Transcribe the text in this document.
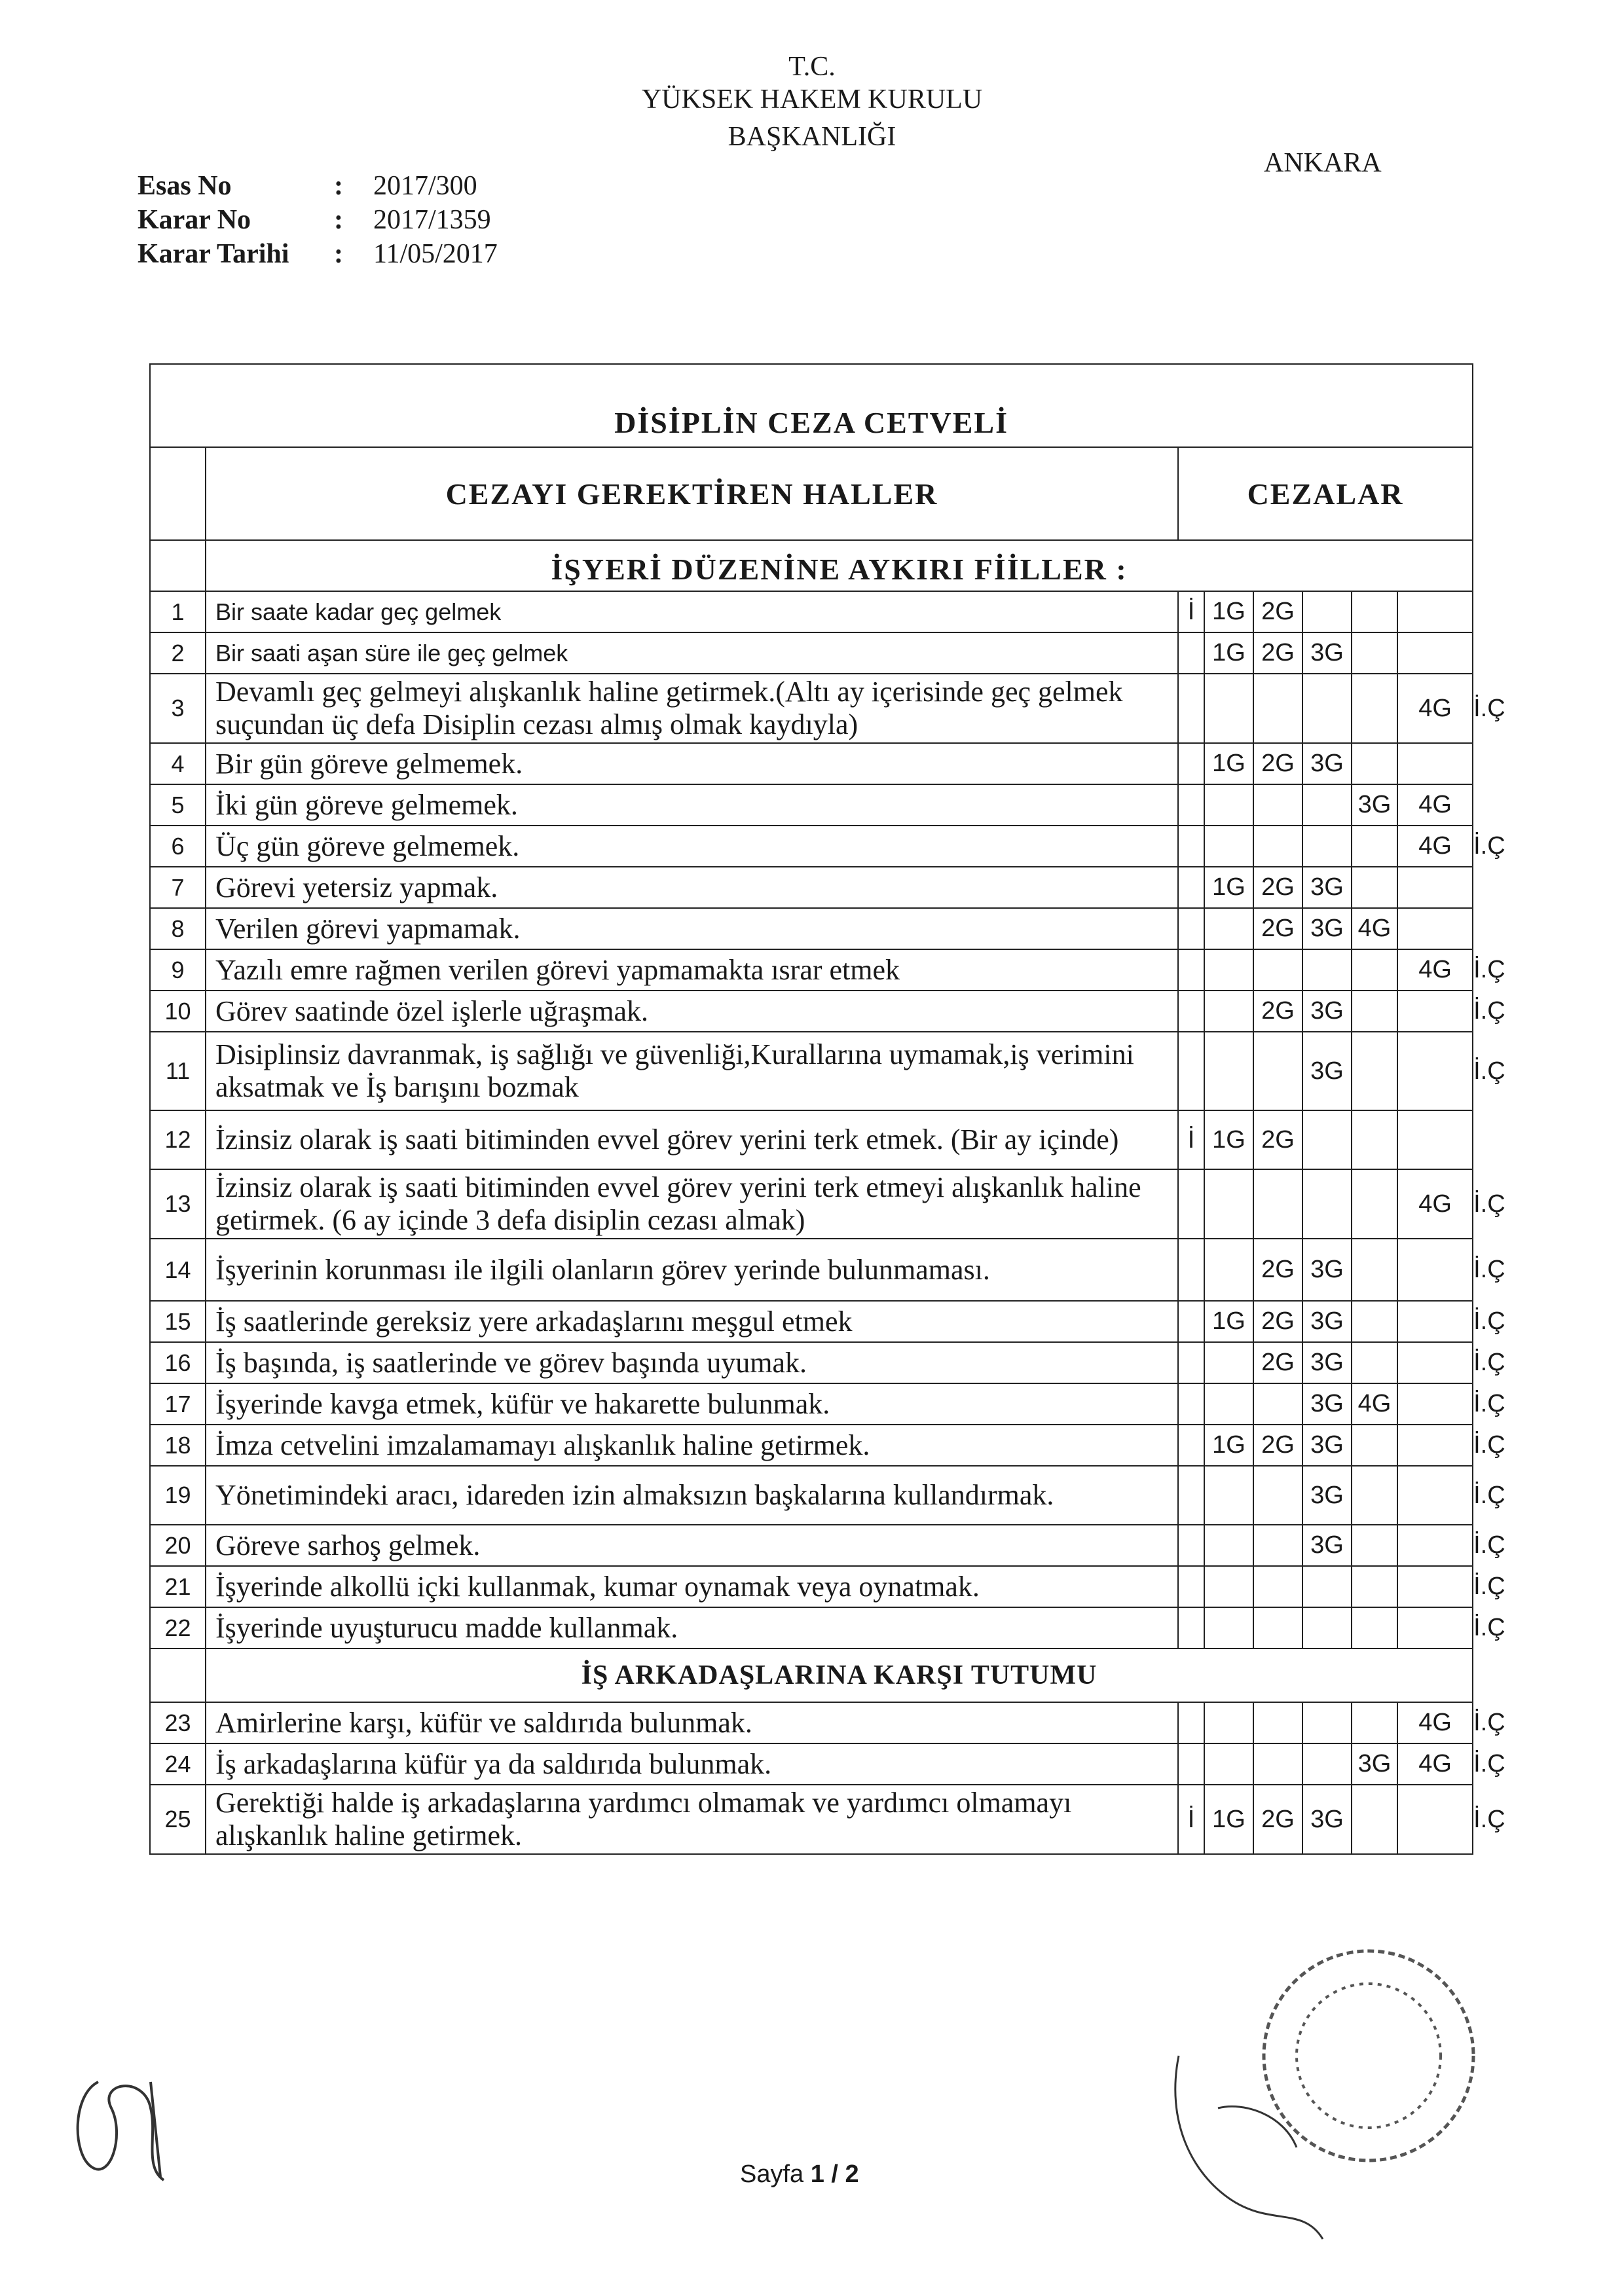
T.C.
YÜKSEK HAKEM KURULU
BAŞKANLIĞI
ANKARA
Esas No	: 2017/300
Karar No	: 2017/1359
Karar Tarihi : 11/05/2017
DİSİPLİN CEZA CETVELİ								
	CEZAYI GEREKTİREN HALLER	CEZALAR						
	İŞYERİ DÜZENİNE AYKIRI FİİLLER :							
1	Bir saate kadar geç gelmek	İ	1G	2G				
2	Bir saati aşan süre ile geç gelmek		1G	2G	3G			
3	Devamlı geç gelmeyi alışkanlık haline getirmek.(Altı ay içerisinde geç gelmek suçundan üç defa Disiplin cezası almış olmak kaydıyla)						4G	İ.Ç
4	Bir gün göreve gelmemek.		1G	2G	3G			
5	İki gün göreve gelmemek.					3G	4G	
6	Üç gün göreve gelmemek.						4G	İ.Ç
7	Görevi yetersiz yapmak.		1G	2G	3G			
8	Verilen görevi yapmamak.			2G	3G	4G		
9	Yazılı emre rağmen verilen görevi yapmamakta ısrar etmek						4G	İ.Ç
10	Görev saatinde özel işlerle uğraşmak.			2G	3G			İ.Ç
11	Disiplinsiz davranmak, iş sağlığı ve güvenliği,Kurallarına uymamak,iş verimini aksatmak ve İş barışını bozmak				3G			İ.Ç
12	İzinsiz olarak iş saati bitiminden evvel görev yerini terk etmek. (Bir ay içinde)	İ	1G	2G				
13	İzinsiz olarak iş saati bitiminden evvel görev yerini terk etmeyi alışkanlık haline getirmek. (6 ay içinde 3 defa disiplin cezası almak)						4G	İ.Ç
14	İşyerinin korunması ile ilgili olanların görev yerinde bulunmaması.			2G	3G			İ.Ç
15	İş saatlerinde gereksiz yere arkadaşlarını meşgul etmek		1G	2G	3G			İ.Ç
16	İş başında, iş saatlerinde ve görev başında uyumak.			2G	3G			İ.Ç
17	İşyerinde kavga etmek, küfür ve hakarette bulunmak.				3G	4G		İ.Ç
18	İmza cetvelini imzalamamayı alışkanlık haline getirmek.		1G	2G	3G			İ.Ç
19	Yönetimindeki aracı, idareden izin almaksızın başkalarına kullandırmak.				3G			İ.Ç
20	Göreve sarhoş gelmek.				3G			İ.Ç
21	İşyerinde alkollü içki kullanmak, kumar oynamak veya oynatmak.							İ.Ç
22	İşyerinde uyuşturucu madde kullanmak.							İ.Ç
	İŞ ARKADAŞLARINA KARŞI TUTUMU							
23	Amirlerine karşı, küfür ve saldırıda bulunmak.						4G	İ.Ç
24	İş arkadaşlarına küfür ya da saldırıda bulunmak.					3G	4G	İ.Ç
25	Gerektiği halde iş arkadaşlarına yardımcı olmamak ve yardımcı olmamayı alışkanlık haline getirmek.	İ	1G	2G	3G			İ.Ç
Sayfa 1 / 2
